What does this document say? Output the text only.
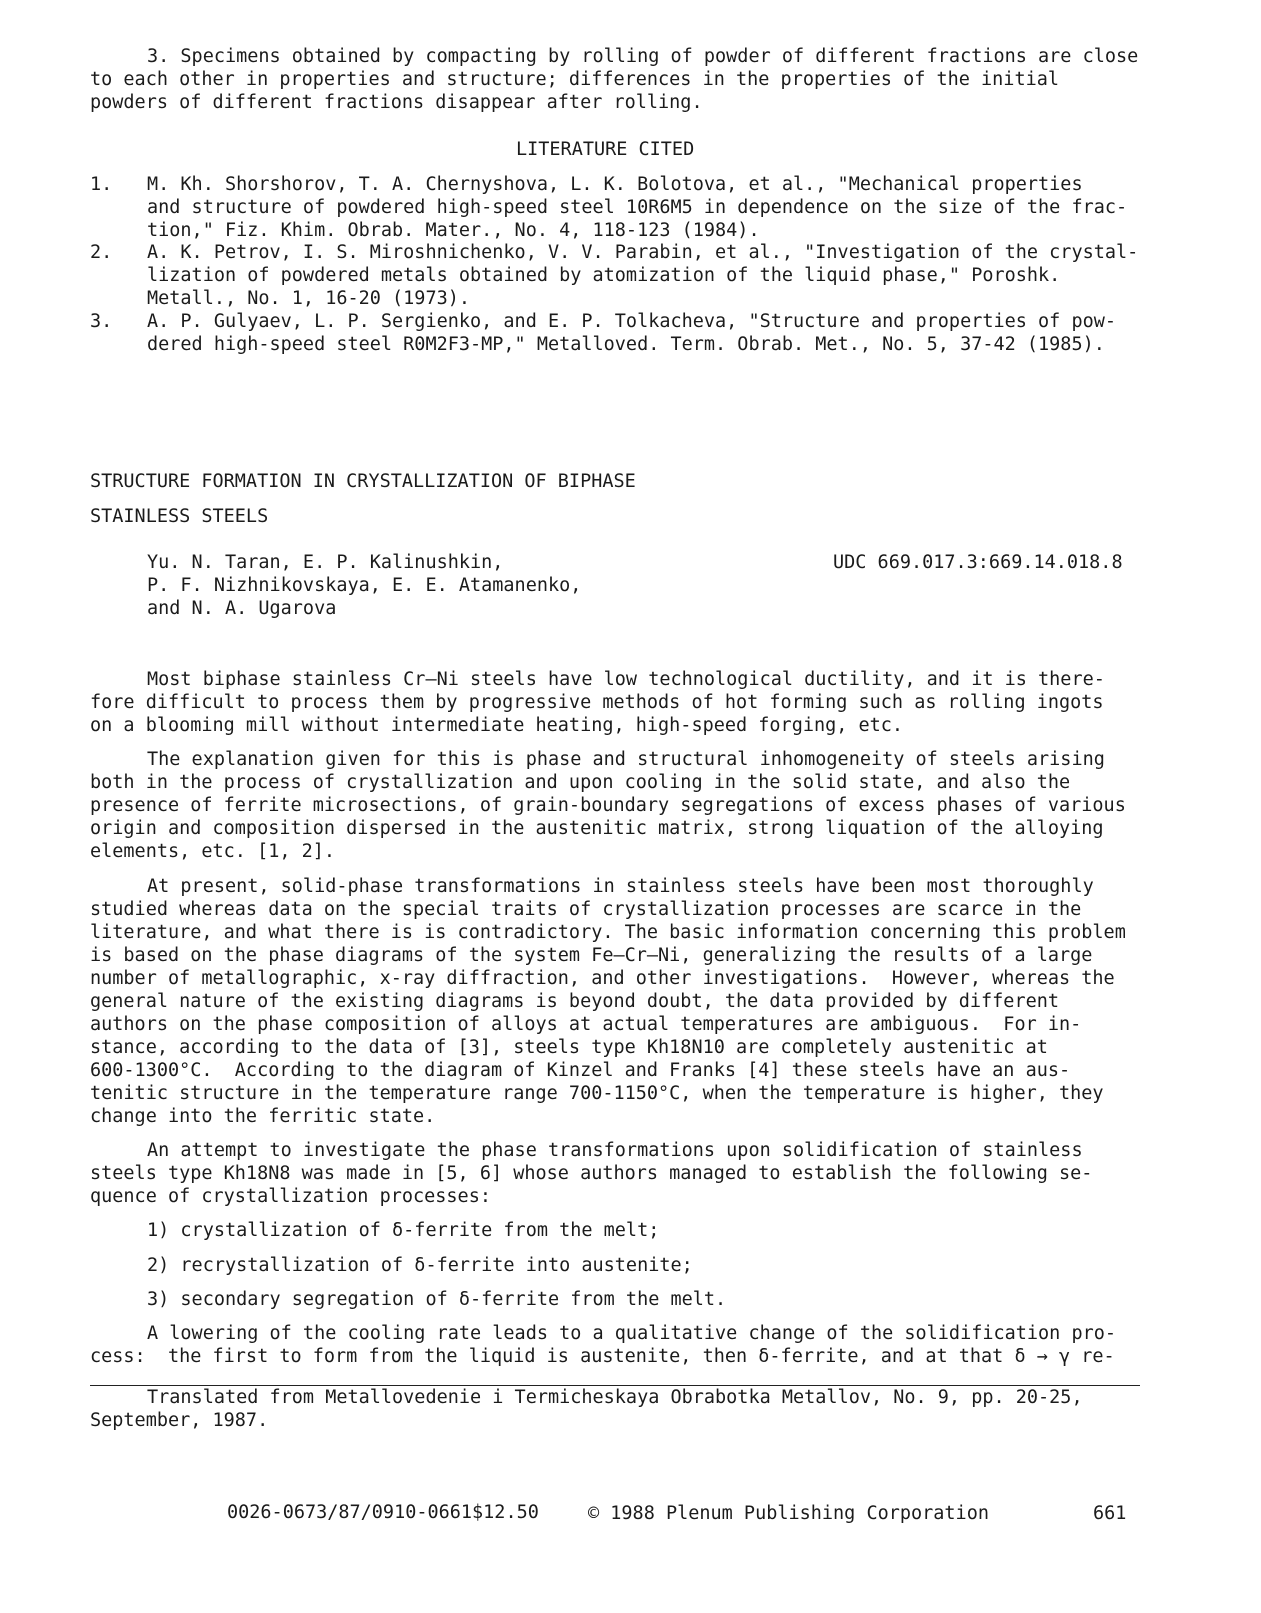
3. Specimens obtained by compacting by rolling of powder of different fractions are close
to each other in properties and structure; differences in the properties of the initial
powders of different fractions disappear after rolling.
LITERATURE CITED
1. M. Kh. Shorshorov, T. A. Chernyshova, L. K. Bolotova, et al., "Mechanical properties
and structure of powdered high-speed steel 10R6M5 in dependence on the size of the frac-
tion," Fiz. Khim. Obrab. Mater., No. 4, 118-123 (1984).
2. A. K. Petrov, I. S. Miroshnichenko, V. V. Parabin, et al., "Investigation of the crystal-
lization of powdered metals obtained by atomization of the liquid phase," Poroshk.
Metall., No. 1, 16-20 (1973).
3. A. P. Gulyaev, L. P. Sergienko, and E. P. Tolkacheva, "Structure and properties of pow-
dered high-speed steel R0M2F3-MP," Metalloved. Term. Obrab. Met., No. 5, 37-42 (1985).
STRUCTURE FORMATION IN CRYSTALLIZATION OF BIPHASE
STAINLESS STEELS
Yu. N. Taran, E. P. Kalinushkin,
P. F. Nizhnikovskaya, E. E. Atamanenko,
and N. A. Ugarova
UDC 669.017.3:669.14.018.8
Most biphase stainless Cr—Ni steels have low technological ductility, and it is there-
fore difficult to process them by progressive methods of hot forming such as rolling ingots
on a blooming mill without intermediate heating, high-speed forging, etc.
The explanation given for this is phase and structural inhomogeneity of steels arising
both in the process of crystallization and upon cooling in the solid state, and also the
presence of ferrite microsections, of grain-boundary segregations of excess phases of various
origin and composition dispersed in the austenitic matrix, strong liquation of the alloying
elements, etc. [1, 2].
At present, solid-phase transformations in stainless steels have been most thoroughly
studied whereas data on the special traits of crystallization processes are scarce in the
literature, and what there is is contradictory. The basic information concerning this problem
is based on the phase diagrams of the system Fe—Cr—Ni, generalizing the results of a large
number of metallographic, x-ray diffraction, and other investigations.  However, whereas the
general nature of the existing diagrams is beyond doubt, the data provided by different
authors on the phase composition of alloys at actual temperatures are ambiguous.  For in-
stance, according to the data of [3], steels type Kh18N10 are completely austenitic at
600-1300°C.  According to the diagram of Kinzel and Franks [4] these steels have an aus-
tenitic structure in the temperature range 700-1150°C, when the temperature is higher, they
change into the ferritic state.
An attempt to investigate the phase transformations upon solidification of stainless
steels type Kh18N8 was made in [5, 6] whose authors managed to establish the following se-
quence of crystallization processes:
1) crystallization of δ-ferrite from the melt;
2) recrystallization of δ-ferrite into austenite;
3) secondary segregation of δ-ferrite from the melt.
A lowering of the cooling rate leads to a qualitative change of the solidification pro-
cess:  the first to form from the liquid is austenite, then δ-ferrite, and at that δ → γ re-
Translated from Metallovedenie i Termicheskaya Obrabotka Metallov, No. 9, pp. 20-25,
September, 1987.
0026-0673/87/0910-0661$12.50	© 1988 Plenum Publishing Corporation	661
